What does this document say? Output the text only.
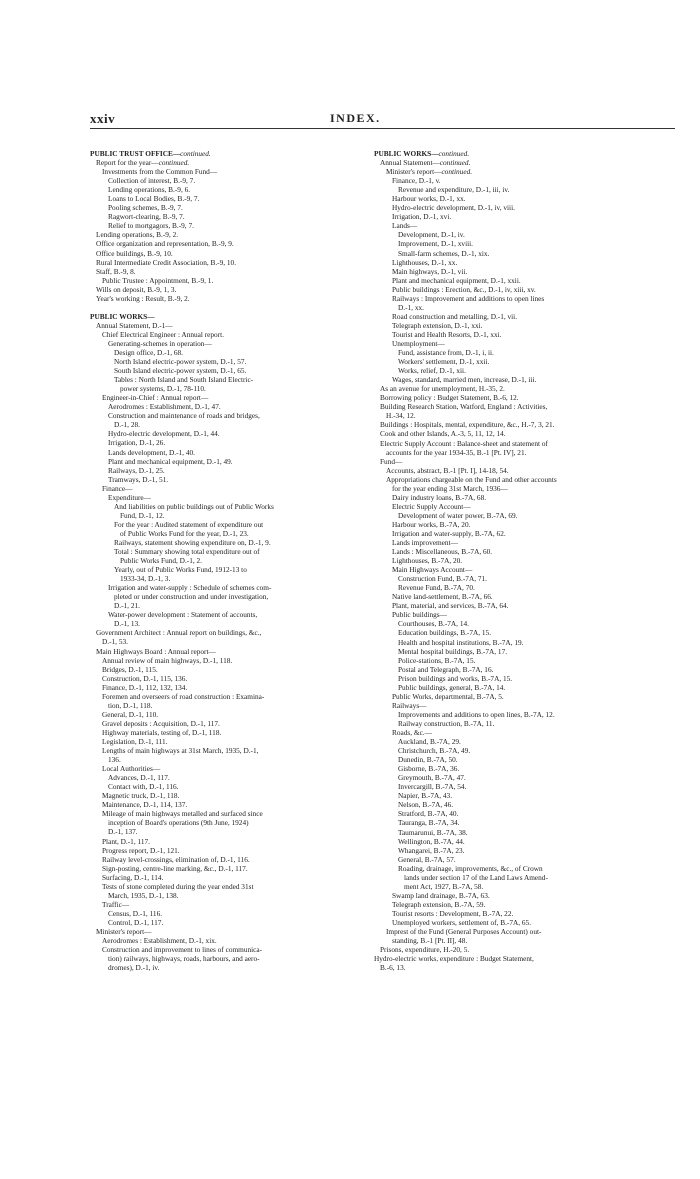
xxiv	INDEX.
PUBLIC TRUST OFFICE—continued.
Report for the year—continued.
Investments from the Common Fund—
Collection of interest, B.-9, 7.
Lending operations, B.-9, 6.
Loans to Local Bodies, B.-9, 7.
Pooling schemes, B.-9, 7.
Ragwort-clearing, B.-9, 7.
Relief to mortgagors, B.-9, 7.
Lending operations, B.-9, 2.
Office organization and representation, B.-9, 9.
Office buildings, B.-9, 10.
Rural Intermediate Credit Association, B.-9, 10.
Staff, B.-9, 8.
Public Trustee : Appointment, B.-9, 1.
Wills on deposit, B.-9, 1, 3.
Year's working : Result, B.-9, 2.
PUBLIC WORKS—
Annual Statement, D.-1—
Chief Electrical Engineer : Annual report.
Generating-schemes in operation—
Design office, D.-1, 68.
North Island electric-power system, D.-1, 57.
South Island electric-power system, D.-1, 65.
Tables : North Island and South Island Electric-
power systems, D.-1, 78-110.
Engineer-in-Chief : Annual report—
Aerodromes : Establishment, D.-1, 47.
Construction and maintenance of roads and bridges,
D.-1, 28.
Hydro-electric development, D.-1, 44.
Irrigation, D.-1, 26.
Lands development, D.-1, 40.
Plant and mechanical equipment, D.-1, 49.
Railways, D.-1, 25.
Tramways, D.-1, 51.
Finance—
Expenditure—
And liabilities on public buildings out of Public Works
Fund, D.-1, 12.
For the year : Audited statement of expenditure out
of Public Works Fund for the year, D.-1, 23.
Railways, statement showing expenditure on, D.-1, 9.
Total : Summary showing total expenditure out of
Public Works Fund, D.-1, 2.
Yearly, out of Public Works Fund, 1912-13 to
1933-34, D.-1, 3.
Irrigation and water-supply : Schedule of schemes com-
pleted or under construction and under investigation,
D.-1, 21.
Water-power development : Statement of accounts,
D.-1, 13.
Government Architect : Annual report on buildings, &c.,
D.-1, 53.
Main Highways Board : Annual report—
Annual review of main highways, D.-1, 118.
Bridges, D.-1, 115.
Construction, D.-1, 115, 136.
Finance, D.-1, 112, 132, 134.
Foremen and overseers of road construction : Examina-
tion, D.-1, 118.
General, D.-1, 110.
Gravel deposits : Acquisition, D.-1, 117.
Highway materials, testing of, D.-1, 118.
Legislation, D.-1, 111.
Lengths of main highways at 31st March, 1935, D.-1,
136.
Local Authorities—
Advances, D.-1, 117.
Contact with, D.-1, 116.
Magnetic truck, D.-1, 118.
Maintenance, D.-1, 114, 137.
Mileage of main highways metalled and surfaced since
inception of Board's operations (9th June, 1924)
D.-1, 137.
Plant, D.-1, 117.
Progress report, D.-1, 121.
Railway level-crossings, elimination of, D.-1, 116.
Sign-posting, centre-line marking, &c., D.-1, 117.
Surfacing, D.-1, 114.
Tests of stone completed during the year ended 31st
March, 1935, D.-1, 138.
Traffic—
Census, D.-1, 116.
Control, D.-1, 117.
Minister's report—
Aerodromes : Establishment, D.-1, xix.
Construction and improvement to lines of communica-
tion) railways, highways, roads, harbours, and aero-
dromes), D.-1, iv.
PUBLIC WORKS—continued.
Annual Statement—continued.
Minister's report—continued.
Finance, D.-1, v.
Revenue and expenditure, D.-1, iii, iv.
Harbour works, D.-1, xx.
Hydro-electric development, D.-1, iv, viii.
Irrigation, D.-1, xvi.
Lands—
Development, D.-1, iv.
Improvement, D.-1, xviii.
Small-farm schemes, D.-1, xix.
Lighthouses, D.-1, xx.
Main highways, D.-1, vii.
Plant and mechanical equipment, D.-1, xxii.
Public buildings : Erection, &c., D.-1, iv, xiii, xv.
Railways : Improvement and additions to open lines
D.-1, xx.
Road construction and metalling, D.-1, vii.
Telegraph extension, D.-1, xxi.
Tourist and Health Resorts, D.-1, xxi.
Unemployment—
Fund, assistance from, D.-1, i, ii.
Workers' settlement, D.-1, xxii.
Works, relief, D.-1, xii.
Wages, standard, married men, increase, D.-1, iii.
As an avenue for unemployment, H.-35, 2.
Borrowing policy : Budget Statement, B.-6, 12.
Building Research Station, Watford, England : Activities,
H.-34, 12.
Buildings : Hospitals, mental, expenditure, &c., H.-7, 3, 21.
Cook and other Islands, A.-3, 5, 11, 12, 14.
Electric Supply Account : Balance-sheet and statement of
accounts for the year 1934-35, B.-1 [Pt. IV], 21.
Fund—
Accounts, abstract, B.-1 [Pt. I], 14-18, 54.
Appropriations chargeable on the Fund and other accounts
for the year ending 31st March, 1936—
Dairy industry loans, B.-7A, 68.
Electric Supply Account—
Development of water power, B.-7A, 69.
Harbour works, B.-7A, 20.
Irrigation and water-supply, B.-7A, 62.
Lands improvement—
Lands : Miscellaneous, B.-7A, 60.
Lighthouses, B.-7A, 20.
Main Highways Account—
Construction Fund, B.-7A, 71.
Revenue Fund, B.-7A, 70.
Native land-settlement, B.-7A, 66.
Plant, material, and services, B.-7A, 64.
Public buildings—
Courthouses, B.-7A, 14.
Education buildings, B.-7A, 15.
Health and hospital institutions, B.-7A, 19.
Mental hospital buildings, B.-7A, 17.
Police-stations, B.-7A, 15.
Postal and Telegraph, B.-7A, 16.
Prison buildings and works, B.-7A, 15.
Public buildings, general, B.-7A, 14.
Public Works, departmental, B.-7A, 5.
Railways—
Improvements and additions to open lines, B.-7A, 12.
Railway construction, B.-7A, 11.
Roads, &c.—
Auckland, B.-7A, 29.
Christchurch, B.-7A, 49.
Dunedin, B.-7A, 50.
Gisborne, B.-7A, 36.
Greymouth, B.-7A, 47.
Invercargill, B.-7A, 54.
Napier, B.-7A, 43.
Nelson, B.-7A, 46.
Stratford, B.-7A, 40.
Tauranga, B.-7A, 34.
Taumarunui, B.-7A, 38.
Wellington, B.-7A, 44.
Whangarei, B.-7A, 23.
General, B.-7A, 57.
Roading, drainage, improvements, &c., of Crown
lands under section 17 of the Land Laws Amend-
ment Act, 1927, B.-7A, 58.
Swamp land drainage, B.-7A, 63.
Telegraph extension, B.-7A, 59.
Tourist resorts : Development, B.-7A, 22.
Unemployed workers, settlement of, B.-7A, 65.
Imprest of the Fund (General Purposes Account) out-
standing, B.-1 [Pt. II], 48.
Prisons, expenditure, H.-20, 5.
Hydro-electric works, expenditure : Budget Statement,
B.-6, 13.
